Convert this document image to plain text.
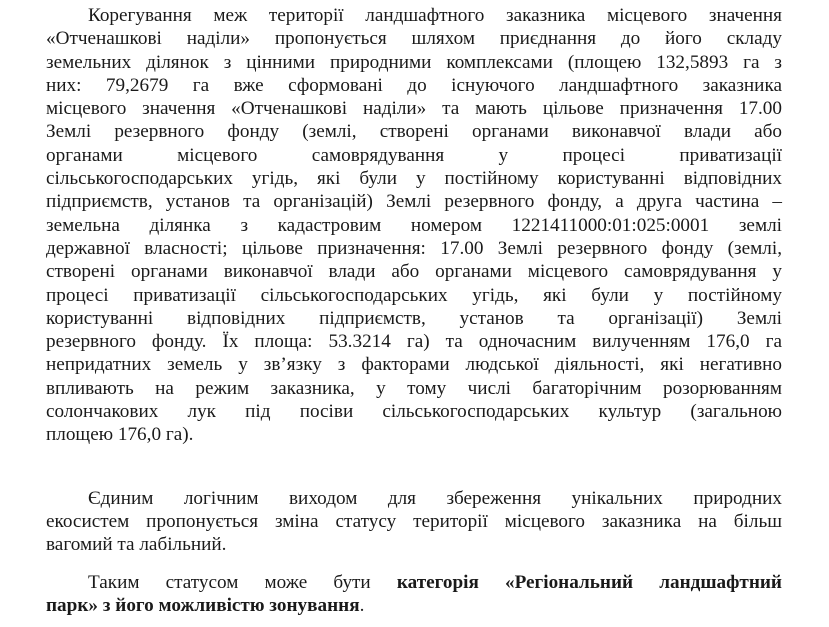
Корегування меж території ландшафтного заказника місцевого значення
«Отченашкові наділи» пропонується шляхом приєднання до його складу
земельних ділянок з цінними природними комплексами (площею 132,5893 га з
них: 79,2679 га вже сформовані до існуючого ландшафтного заказника
місцевого значення «Отченашкові наділи» та мають цільове призначення 17.00
Землі резервного фонду (землі, створені органами виконавчої влади або
органами місцевого самоврядування у процесі приватизації
сільськогосподарських угідь, які були у постійному користуванні відповідних
підприємств, установ та організацій) Землі резервного фонду, а друга частина –
земельна ділянка з кадастровим номером 1221411000:01:025:0001 землі
державної власності; цільове призначення: 17.00 Землі резервного фонду (землі,
створені органами виконавчої влади або органами місцевого самоврядування у
процесі приватизації сільськогосподарських угідь, які були у постійному
користуванні відповідних підприємств, установ та організації) Землі
резервного фонду. Їх площа: 53.3214 га) та одночасним вилученням 176,0 га
непридатних земель у зв’язку з факторами людської діяльності, які негативно
впливають на режим заказника, у тому числі багаторічним розорюванням
солончакових лук під посіви сільськогосподарських культур (загальною
площею 176,0 га).
Єдиним логічним виходом для збереження унікальних природних
екосистем пропонується зміна статусу території місцевого заказника на більш
вагомий та лабільний.
Таким статусом може бути категорія «Регіональний ландшафтний
парк» з його можливістю зонування.
